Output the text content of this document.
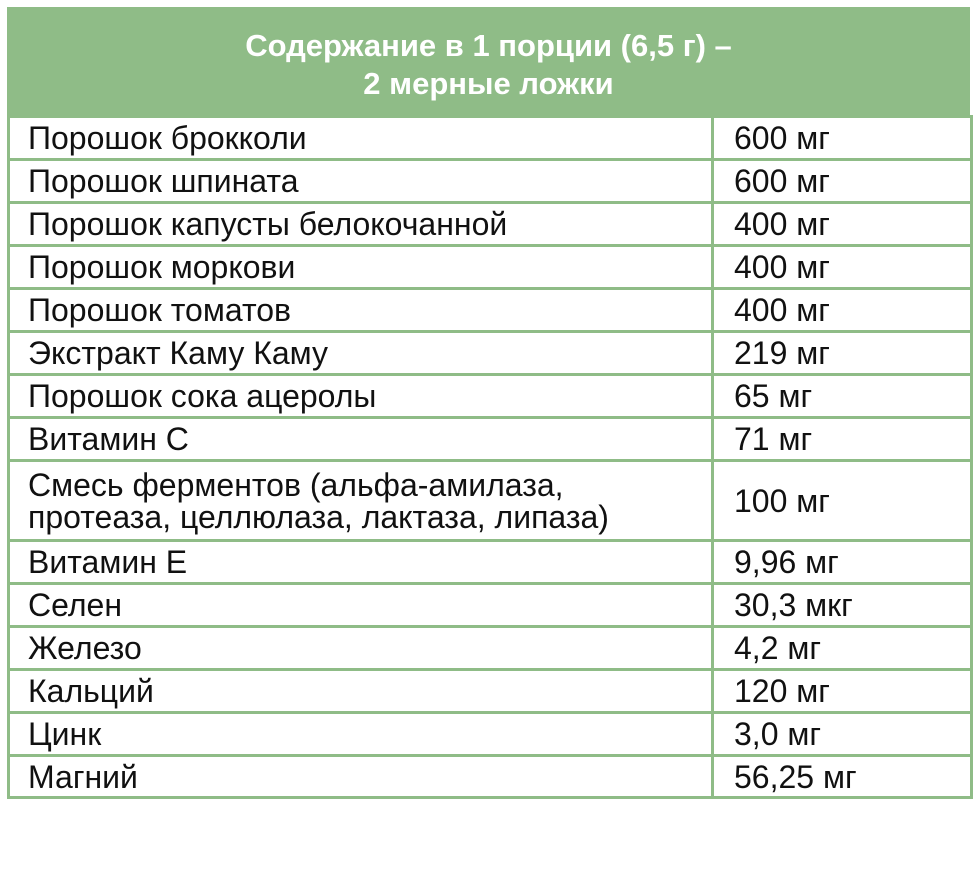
Содержание в 1 порции (6,5 г) –
2 мерные ложки
Порошок брокколи	600 мг
Порошок шпината	600 мг
Порошок капусты белокочанной	400 мг
Порошок моркови	400 мг
Порошок томатов	400 мг
Экстракт Каму Каму	219 мг
Порошок сока ацеролы	65 мг
Витамин С	71 мг

Смесь ферментов (альфа-амилаза,
протеаза, целлюлаза, лактаза, липаза)	100 мг
Витамин Е	9,96 мг
Селен	30,3 мкг
Железо	4,2 мг
Кальций	120 мг
Цинк	3,0 мг
Магний	56,25 мг
